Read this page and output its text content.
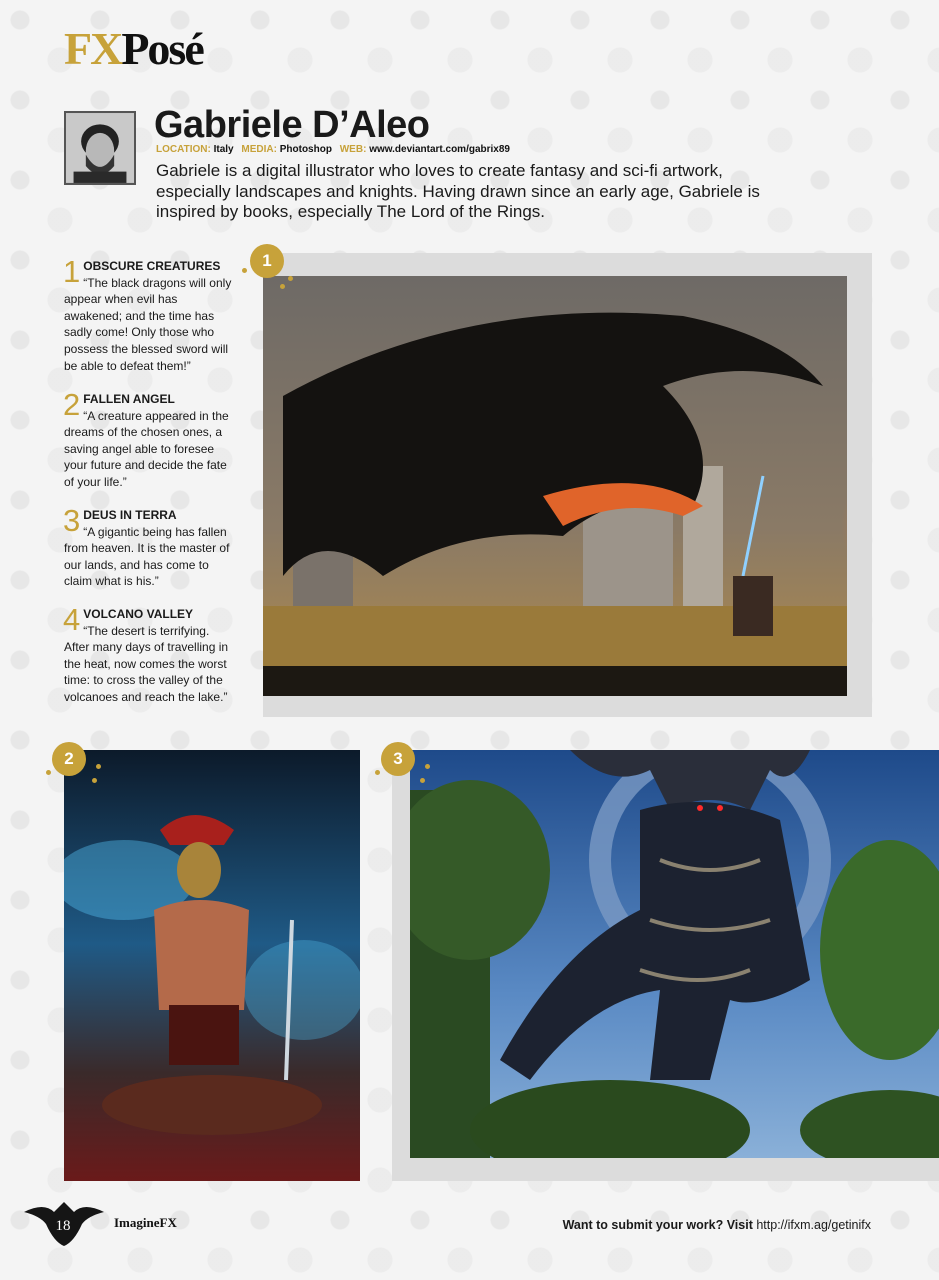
FXPosé
Gabriele D’Aleo
LOCATION: Italy MEDIA: Photoshop WEB: www.deviantart.com/gabrix89
Gabriele is a digital illustrator who loves to create fantasy and sci-fi artwork, especially landscapes and knights. Having drawn since an early age, Gabriele is inspired by books, especially The Lord of the Rings.
1 OBSCURE CREATURES
“The black dragons will only appear when evil has awakened; and the time has sadly come! Only those who possess the blessed sword will be able to defeat them!”
2 FALLEN ANGEL
“A creature appeared in the dreams of the chosen ones, a saving angel able to foresee your future and decide the fate of your life.”
3 DEUS IN TERRA
“A gigantic being has fallen from heaven. It is the master of our lands, and has come to claim what is his.”
4 VOLCANO VALLEY
“The desert is terrifying. After many days of travelling in the heat, now comes the worst time: to cross the valley of the volcanoes and reach the lake.”
1
2	3
18	ImagineFX	Want to submit your work? Visit http://ifxm.ag/getinifx
